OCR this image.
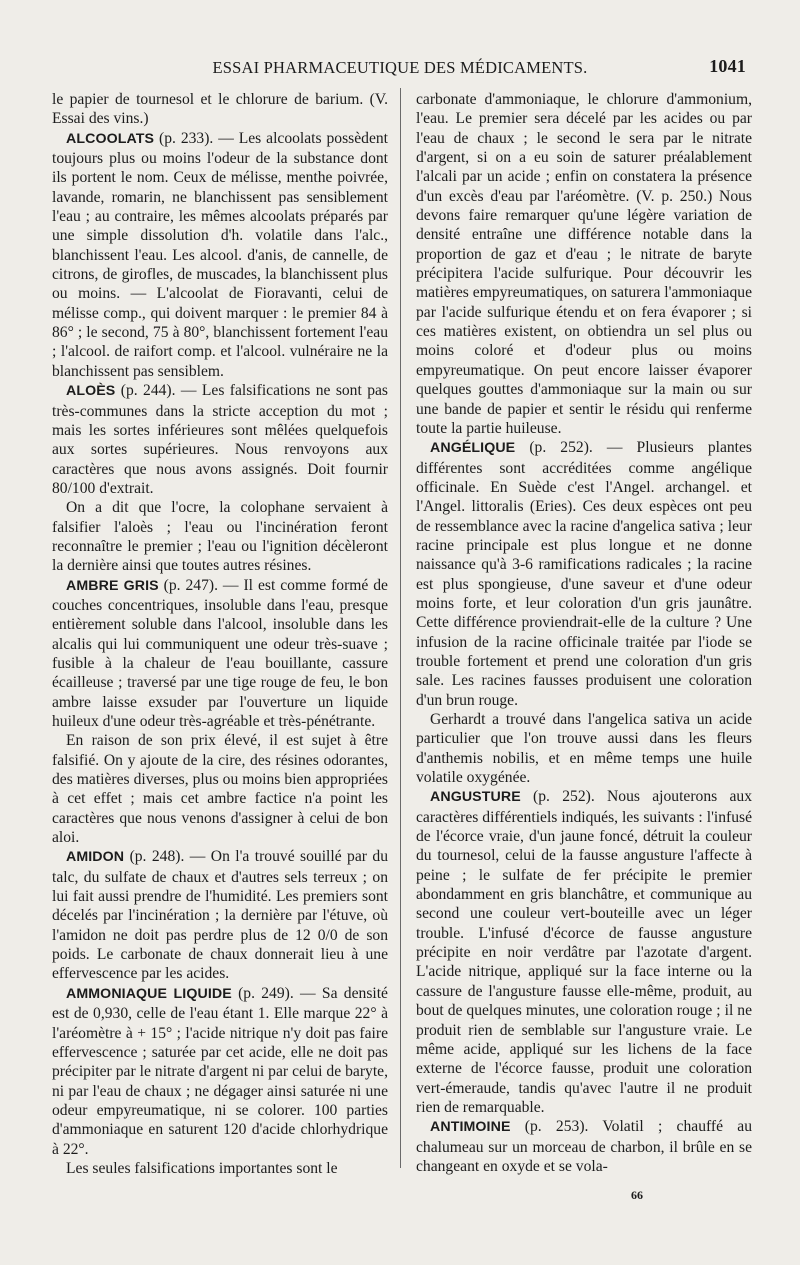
ESSAI PHARMACEUTIQUE DES MÉDICAMENTS.	1041

le papier de tournesol et le chlorure de barium. (V. Essai des vins.)

ALCOOLATS (p. 233). — Les alcoolats possèdent toujours plus ou moins l'odeur de la substance dont ils portent le nom. Ceux de mélisse, menthe poivrée, lavande, romarin, ne blanchissent pas sensiblement l'eau ; au contraire, les mêmes alcoolats préparés par une simple dissolution d'h. volatile dans l'alc., blanchissent l'eau. Les alcool. d'anis, de cannelle, de citrons, de girofles, de muscades, la blanchissent plus ou moins. — L'alcoolat de Fioravanti, celui de mélisse comp., qui doivent marquer : le premier 84 à 86° ; le second, 75 à 80°, blanchissent fortement l'eau ; l'alcool. de raifort comp. et l'alcool. vulnéraire ne la blanchissent pas sensiblem.

ALOÈS (p. 244). — Les falsifications ne sont pas très-communes dans la stricte acception du mot ; mais les sortes inférieures sont mêlées quelquefois aux sortes supérieures. Nous renvoyons aux caractères que nous avons assignés. Doit fournir 80/100 d'extrait.

On a dit que l'ocre, la colophane servaient à falsifier l'aloès ; l'eau ou l'incinération feront reconnaître le premier ; l'eau ou l'ignition décèleront la dernière ainsi que toutes autres résines.

AMBRE GRIS (p. 247). — Il est comme formé de couches concentriques, insoluble dans l'eau, presque entièrement soluble dans l'alcool, insoluble dans les alcalis qui lui communiquent une odeur très-suave ; fusible à la chaleur de l'eau bouillante, cassure écailleuse ; traversé par une tige rouge de feu, le bon ambre laisse exsuder par l'ouverture un liquide huileux d'une odeur très-agréable et très-pénétrante.

En raison de son prix élevé, il est sujet à être falsifié. On y ajoute de la cire, des résines odorantes, des matières diverses, plus ou moins bien appropriées à cet effet ; mais cet ambre factice n'a point les caractères que nous venons d'assigner à celui de bon aloi.

AMIDON (p. 248). — On l'a trouvé souillé par du talc, du sulfate de chaux et d'autres sels terreux ; on lui fait aussi prendre de l'humidité. Les premiers sont décelés par l'incinération ; la dernière par l'étuve, où l'amidon ne doit pas perdre plus de 12 0/0 de son poids. Le carbonate de chaux donnerait lieu à une effervescence par les acides.

AMMONIAQUE LIQUIDE (p. 249). — Sa densité est de 0,930, celle de l'eau étant 1. Elle marque 22° à l'aréomètre à + 15° ; l'acide nitrique n'y doit pas faire effervescence ; saturée par cet acide, elle ne doit pas précipiter par le nitrate d'argent ni par celui de baryte, ni par l'eau de chaux ; ne dégager ainsi saturée ni une odeur empyreumatique, ni se colorer. 100 parties d'ammoniaque en saturent 120 d'acide chlorhydrique à 22°.

Les seules falsifications importantes sont le

carbonate d'ammoniaque, le chlorure d'ammonium, l'eau. Le premier sera décelé par les acides ou par l'eau de chaux ; le second le sera par le nitrate d'argent, si on a eu soin de saturer préalablement l'alcali par un acide ; enfin on constatera la présence d'un excès d'eau par l'aréomètre. (V. p. 250.) Nous devons faire remarquer qu'une légère variation de densité entraîne une différence notable dans la proportion de gaz et d'eau ; le nitrate de baryte précipitera l'acide sulfurique. Pour découvrir les matières empyreumatiques, on saturera l'ammoniaque par l'acide sulfurique étendu et on fera évaporer ; si ces matières existent, on obtiendra un sel plus ou moins coloré et d'odeur plus ou moins empyreumatique. On peut encore laisser évaporer quelques gouttes d'ammoniaque sur la main ou sur une bande de papier et sentir le résidu qui renferme toute la partie huileuse.

ANGÉLIQUE (p. 252). — Plusieurs plantes différentes sont accréditées comme angélique officinale. En Suède c'est l'Angel. archangel. et l'Angel. littoralis (Eries). Ces deux espèces ont peu de ressemblance avec la racine d'angelica sativa ; leur racine principale est plus longue et ne donne naissance qu'à 3-6 ramifications radicales ; la racine est plus spongieuse, d'une saveur et d'une odeur moins forte, et leur coloration d'un gris jaunâtre. Cette différence proviendrait-elle de la culture ? Une infusion de la racine officinale traitée par l'iode se trouble fortement et prend une coloration d'un gris sale. Les racines fausses produisent une coloration d'un brun rouge.

Gerhardt a trouvé dans l'angelica sativa un acide particulier que l'on trouve aussi dans les fleurs d'anthemis nobilis, et en même temps une huile volatile oxygénée.

ANGUSTURE (p. 252). Nous ajouterons aux caractères différentiels indiqués, les suivants : l'infusé de l'écorce vraie, d'un jaune foncé, détruit la couleur du tournesol, celui de la fausse angusture l'affecte à peine ; le sulfate de fer précipite le premier abondamment en gris blanchâtre, et communique au second une couleur vert-bouteille avec un léger trouble. L'infusé d'écorce de fausse angusture précipite en noir verdâtre par l'azotate d'argent. L'acide nitrique, appliqué sur la face interne ou la cassure de l'angusture fausse elle-même, produit, au bout de quelques minutes, une coloration rouge ; il ne produit rien de semblable sur l'angusture vraie. Le même acide, appliqué sur les lichens de la face externe de l'écorce fausse, produit une coloration vert-émeraude, tandis qu'avec l'autre il ne produit rien de remarquable.

ANTIMOINE (p. 253). Volatil ; chauffé au chalumeau sur un morceau de charbon, il brûle en se changeant en oxyde et se vola-

66
